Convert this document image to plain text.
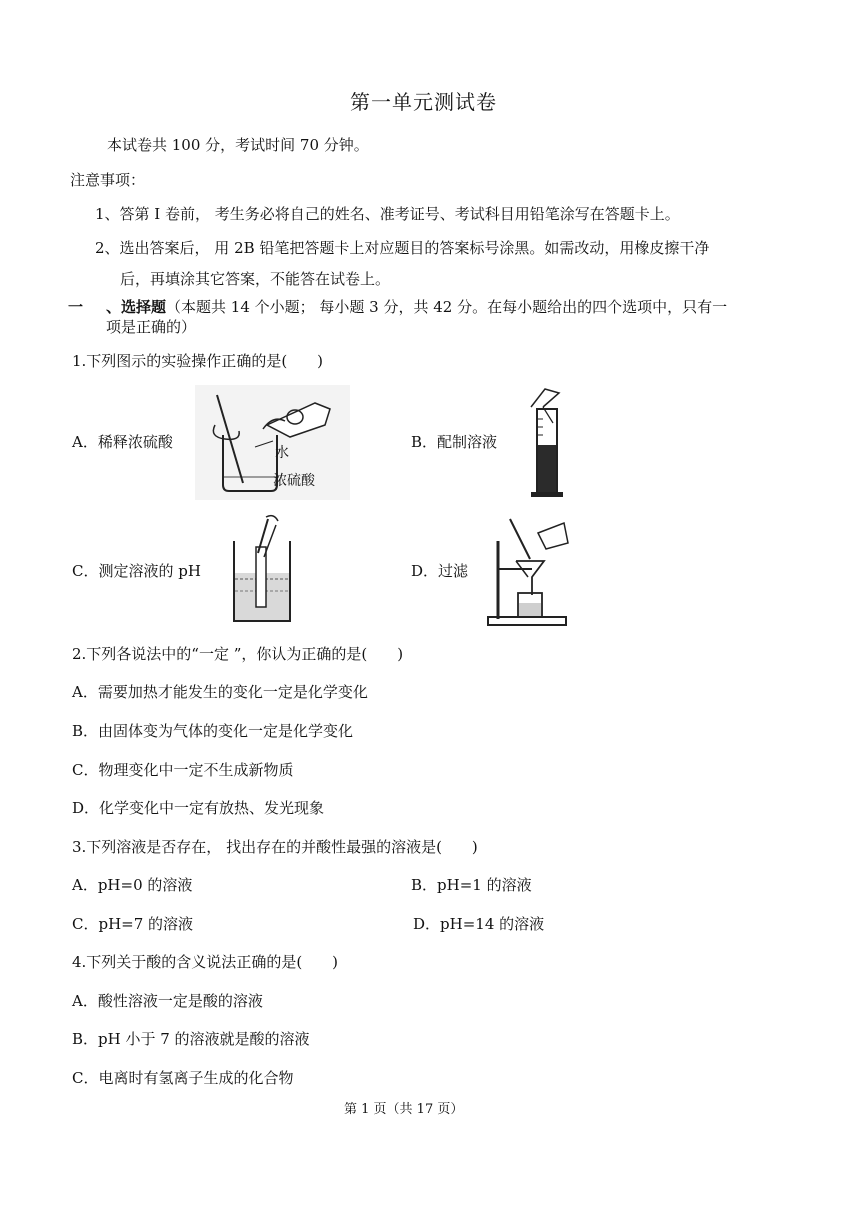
第一单元测试卷
本试卷共 100 分，考试时间 70 分钟。
注意事项：
1、答第 I 卷前， 考生务必将自己的姓名、准考证号、考试科目用铅笔涂写在答题卡上。
2、选出答案后， 用 2B 铅笔把答题卡上对应题目的答案标号涂黑。如需改动，用橡皮擦干净
后，再填涂其它答案，不能答在试卷上。
一 、选择题（本题共 14 个小题； 每小题 3 分，共 42 分。在每小题给出的四个选项中，只有一
项是正确的）
1.下列图示的实验操作正确的是(　　)
A．稀释浓硫酸	B．配制溶液
C．测定溶液的 pH	D．过滤
水
浓硫酸
2.下列各说法中的“一定 ”，你认为正确的是(　　)
A．需要加热才能发生的变化一定是化学变化
B．由固体变为气体的变化一定是化学变化
C．物理变化中一定不生成新物质
D．化学变化中一定有放热、发光现象
3.下列溶液是否存在， 找出存在的并酸性最强的溶液是(　　)
A．pH=0 的溶液	B．pH=1 的溶液
C．pH=7 的溶液	D．pH=14 的溶液
4.下列关于酸的含义说法正确的是(　　)
A．酸性溶液一定是酸的溶液
B．pH 小于 7 的溶液就是酸的溶液
C．电离时有氢离子生成的化合物
第 1 页（共 17 页）
